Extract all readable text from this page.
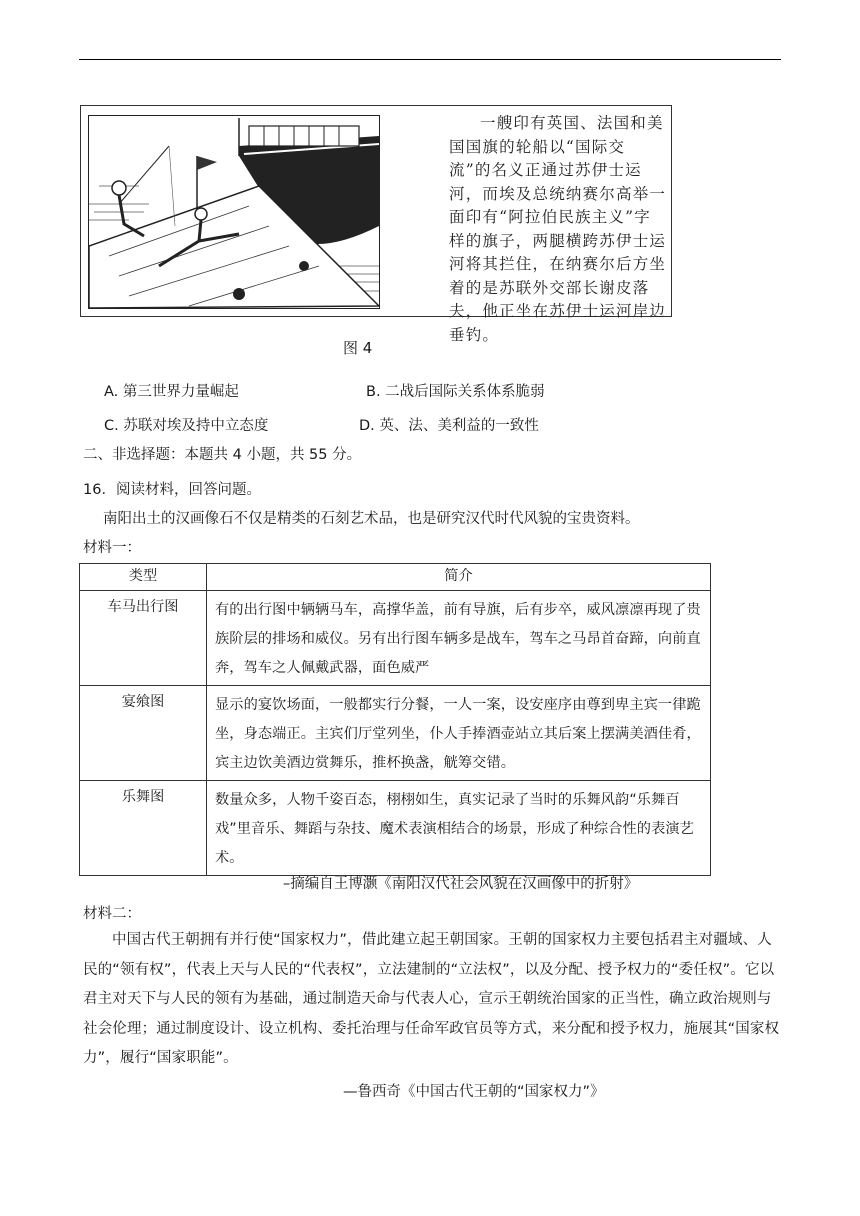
一艘印有英国、法国和美国国旗的轮船以“国际交流”的名义正通过苏伊士运河，而埃及总统纳赛尔高举一面印有“阿拉伯民族主义”字样的旗子，两腿横跨苏伊士运河将其拦住，在纳赛尔后方坐着的是苏联外交部长谢皮落夫，他正坐在苏伊士运河岸边垂钓。

图 4
A. 第三世界力量崛起	B. 二战后国际关系体系脆弱
C. 苏联对埃及持中立态度	D. 英、法、美利益的一致性
二、非选择题：本题共 4 小题，共 55 分。
16．阅读材料，回答问题。
南阳出土的汉画像石不仅是精类的石刻艺术品，也是研究汉代时代风貌的宝贵资料。
材料一：
类型	简介
车马出行图	有的出行图中辆辆马车，高撑华盖，前有导旗，后有步卒，威风凛凛再现了贵族阶层的排场和威仪。另有出行图车辆多是战车，驾车之马昂首奋蹄，向前直奔，驾车之人佩戴武器，面色威严
宴飨图	显示的宴饮场面，一般都实行分餐，一人一案，设安座序由尊到卑主宾一律跪坐，身态端正。主宾们厅堂列坐，仆人手捧酒壶站立其后案上摆满美酒佳肴，宾主边饮美酒边赏舞乐，推杯换盏，觥筹交错。
乐舞图	数量众多，人物千姿百态，栩栩如生，真实记录了当时的乐舞风韵“乐舞百戏”里音乐、舞蹈与杂技、魔术表演相结合的场景，形成了种综合性的表演艺术。
–摘编自王博灏《南阳汉代社会风貌在汉画像中的折射》
材料二：

中国古代王朝拥有并行使“国家权力”，借此建立起王朝国家。王朝的国家权力主要包括君主对疆域、人民的“领有权”，代表上天与人民的“代表权”，立法建制的“立法权”，以及分配、授予权力的“委任权”。它以君主对天下与人民的领有为基础，通过制造天命与代表人心，宣示王朝统治国家的正当性，确立政治规则与社会伦理；通过制度设计、设立机构、委托治理与任命军政官员等方式，来分配和授予权力，施展其“国家权力”，履行“国家职能”。

—鲁西奇《中国古代王朝的“国家权力”》
